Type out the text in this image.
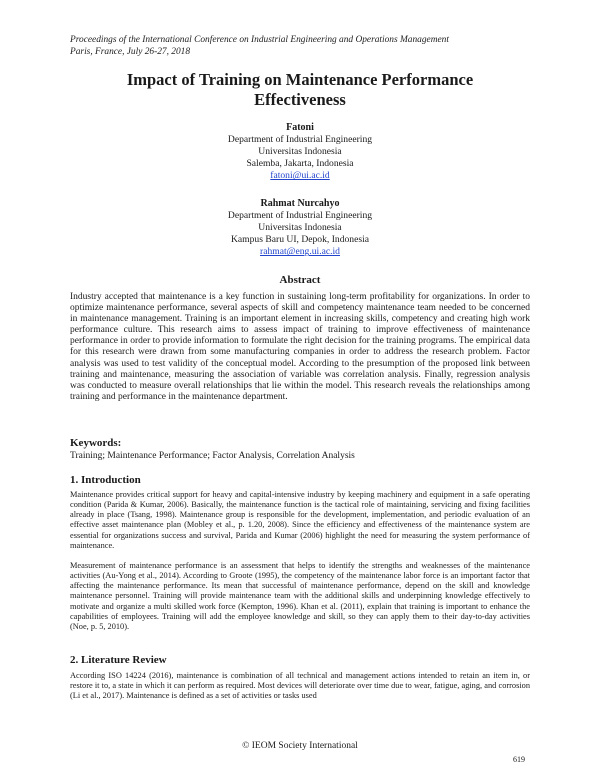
Proceedings of the International Conference on Industrial Engineering and Operations Management
Paris, France, July 26-27, 2018
Impact of Training on Maintenance Performance
Effectiveness
Fatoni
Department of Industrial Engineering
Universitas Indonesia
Salemba, Jakarta, Indonesia
fatoni@ui.ac.id
Rahmat Nurcahyo
Department of Industrial Engineering
Universitas Indonesia
Kampus Baru UI, Depok, Indonesia
rahmat@eng.ui.ac.id
Abstract

Industry accepted that maintenance is a key function in sustaining long-term profitability for organizations. In order to optimize maintenance performance, several aspects of skill and competency maintenance team needed to be concerned in maintenance management. Training is an important element in increasing skills, competency and creating high work performance culture. This research aims to assess impact of training to improve effectiveness of maintenance performance in order to provide information to formulate the right decision for the training programs. The empirical data for this research were drawn from some manufacturing companies in order to address the research problem. Factor analysis was used to test validity of the conceptual model. According to the presumption of the proposed link between training and maintenance, measuring the association of variable was correlation analysis. Finally, regression analysis was conducted to measure overall relationships that lie within the model. This research reveals the relationships among training and performance in the maintenance department.

Keywords:
Training; Maintenance Performance; Factor Analysis, Correlation Analysis
1. Introduction

Maintenance provides critical support for heavy and capital-intensive industry by keeping machinery and equipment in a safe operating condition (Parida & Kumar, 2006). Basically, the maintenance function is the tactical role of maintaining, servicing and fixing facilities already in place (Tsang, 1998). Maintenance group is responsible for the development, implementation, and periodic evaluation of an effective asset maintenance plan (Mobley et al., p. 1.20, 2008). Since the efficiency and effectiveness of the maintenance system are essential for organizations success and survival, Parida and Kumar (2006) highlight the need for measuring the system performance of maintenance.

Measurement of maintenance performance is an assessment that helps to identify the strengths and weaknesses of the maintenance activities (Au-Yong et al., 2014). According to Groote (1995), the competency of the maintenance labor force is an important factor that affecting the maintenance performance. Its mean that successful of maintenance performance, depend on the skill and knowledge maintenance personnel. Training will provide maintenance team with the additional skills and underpinning knowledge effectively to motivate and organize a multi skilled work force (Kempton, 1996). Khan et al. (2011), explain that training is important to enhance the capabilities of employees. Training will add the employee knowledge and skill, so they can apply them to their day-to-day activities (Noe, p. 5, 2010).

2. Literature Review

According ISO 14224 (2016), maintenance is combination of all technical and management actions intended to retain an item in, or restore it to, a state in which it can perform as required. Most devices will deteriorate over time due to wear, fatigue, aging, and corrosion (Li et al., 2017). Maintenance is defined as a set of activities or tasks used

© IEOM Society International
619
